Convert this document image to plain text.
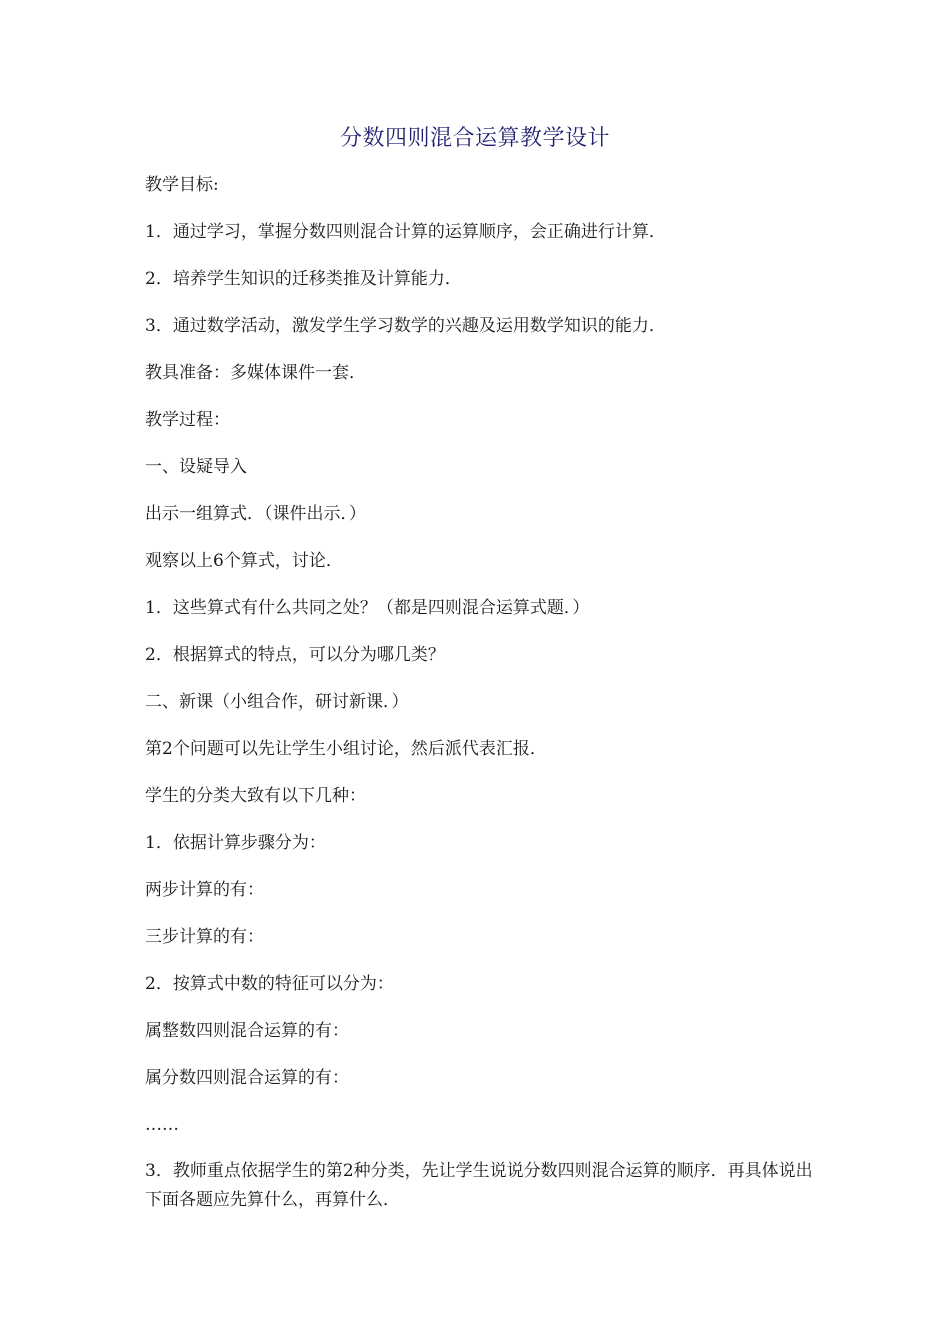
分数四则混合运算教学设计
教学目标:
1．通过学习，掌握分数四则混合计算的运算顺序，会正确进行计算．
2．培养学生知识的迁移类推及计算能力．
3．通过数学活动，激发学生学习数学的兴趣及运用数学知识的能力．
教具准备：多媒体课件一套．
教学过程：
一、设疑导入
出示一组算式．（课件出示．）
观察以上6个算式，讨论．
1．这些算式有什么共同之处？（都是四则混合运算式题．）
2．根据算式的特点，可以分为哪几类？
二、新课（小组合作，研讨新课．）
第2个问题可以先让学生小组讨论，然后派代表汇报．
学生的分类大致有以下几种：
1．依据计算步骤分为：
两步计算的有：
三步计算的有：
2．按算式中数的特征可以分为：
属整数四则混合运算的有：
属分数四则混合运算的有：
……
3．教师重点依据学生的第2种分类，先让学生说说分数四则混合运算的顺序．再具体说出下面各题应先算什么，再算什么．
